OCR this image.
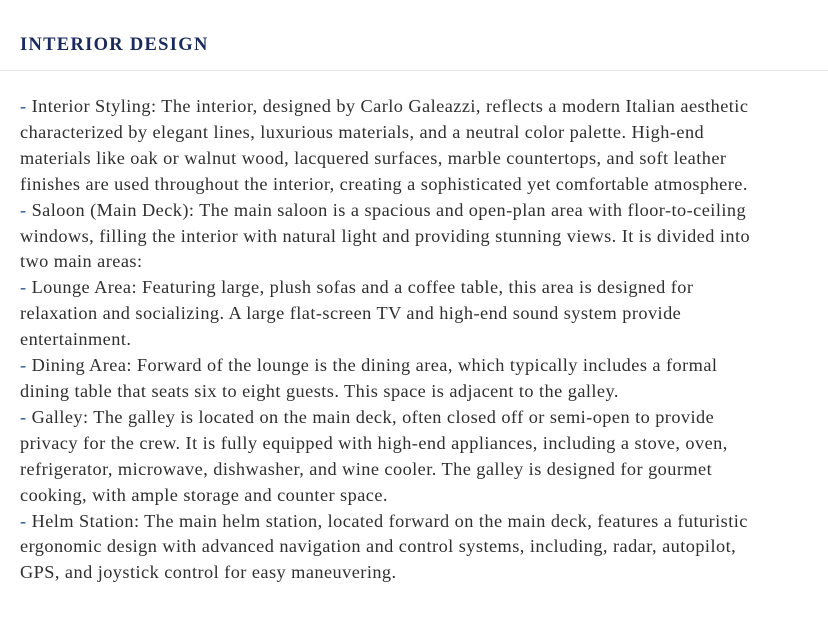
INTERIOR DESIGN
- Interior Styling: The interior, designed by Carlo Galeazzi, reflects a modern Italian aesthetic
characterized by elegant lines, luxurious materials, and a neutral color palette. High-end
materials like oak or walnut wood, lacquered surfaces, marble countertops, and soft leather
finishes are used throughout the interior, creating a sophisticated yet comfortable atmosphere.
- Saloon (Main Deck): The main saloon is a spacious and open-plan area with floor-to-ceiling
windows, filling the interior with natural light and providing stunning views. It is divided into
two main areas:
- Lounge Area: Featuring large, plush sofas and a coffee table, this area is designed for
relaxation and socializing. A large flat-screen TV and high-end sound system provide
entertainment.
- Dining Area: Forward of the lounge is the dining area, which typically includes a formal
dining table that seats six to eight guests. This space is adjacent to the galley.
- Galley: The galley is located on the main deck, often closed off or semi-open to provide
privacy for the crew. It is fully equipped with high-end appliances, including a stove, oven,
refrigerator, microwave, dishwasher, and wine cooler. The galley is designed for gourmet
cooking, with ample storage and counter space.
- Helm Station: The main helm station, located forward on the main deck, features a futuristic
ergonomic design with advanced navigation and control systems, including, radar, autopilot,
GPS, and joystick control for easy maneuvering.
